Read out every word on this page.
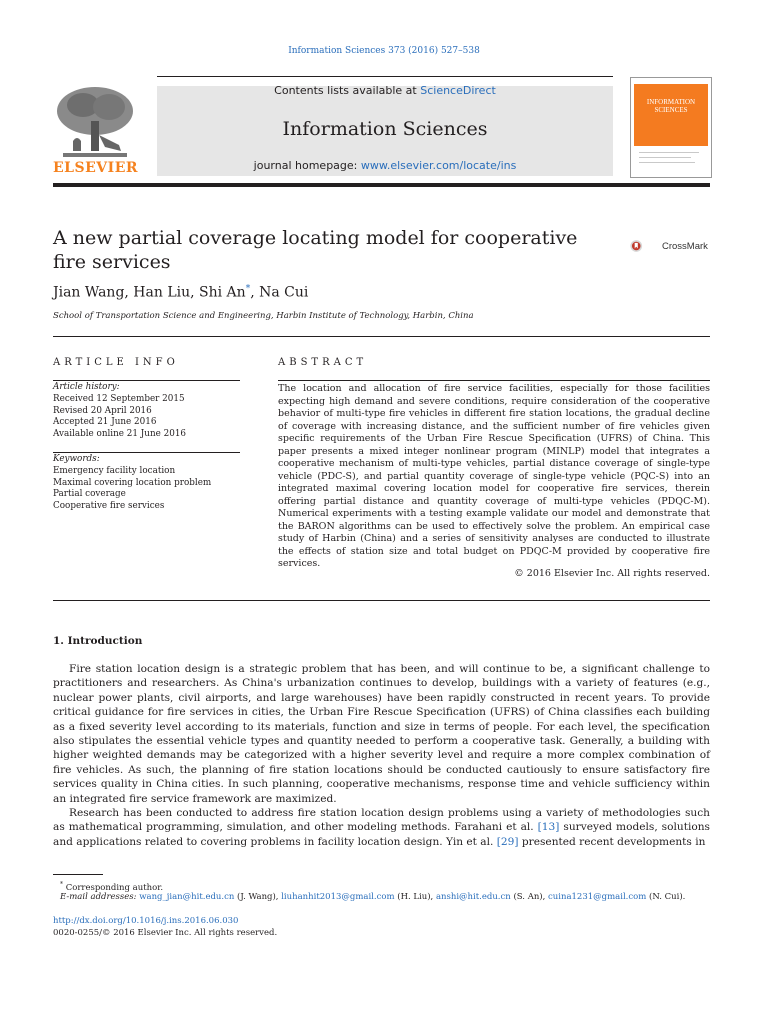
Information Sciences 373 (2016) 527–538
ELSEVIER
Contents lists available at ScienceDirect
Information Sciences
journal homepage: www.elsevier.com/locate/ins
INFORMATION SCIENCES
A new partial coverage locating model for cooperative fire services
CrossMark
Jian Wang, Han Liu, Shi An*, Na Cui
School of Transportation Science and Engineering, Harbin Institute of Technology, Harbin, China
ARTICLE INFO	ABSTRACT
Article history:
Received 12 September 2015
Revised 20 April 2016
Accepted 21 June 2016
Available online 21 June 2016
Keywords:
Emergency facility location
Maximal covering location problem
Partial coverage
Cooperative fire services
The location and allocation of fire service facilities, especially for those facilities expecting high demand and severe conditions, require consideration of the cooperative behavior of multi-type fire vehicles in different fire station locations, the gradual decline of coverage with increasing distance, and the sufficient number of fire vehicles given specific requirements of the Urban Fire Rescue Specification (UFRS) of China. This paper presents a mixed integer nonlinear program (MINLP) model that integrates a cooperative mechanism of multi-type vehicles, partial distance coverage of single-type vehicle (PDC-S), and partial quantity coverage of single-type vehicle (PQC-S) into an integrated maximal covering location model for cooperative fire services, therein offering partial distance and quantity coverage of multi-type vehicles (PDQC-M). Numerical experiments with a testing example validate our model and demonstrate that the BARON algorithms can be used to effectively solve the problem. An empirical case study of Harbin (China) and a series of sensitivity analyses are conducted to illustrate the effects of station size and total budget on PDQC-M provided by cooperative fire services.
© 2016 Elsevier Inc. All rights reserved.
1. Introduction

Fire station location design is a strategic problem that has been, and will continue to be, a significant challenge to practitioners and researchers. As China's urbanization continues to develop, buildings with a variety of features (e.g., nuclear power plants, civil airports, and large warehouses) have been rapidly constructed in recent years. To provide critical guidance for fire services in cities, the Urban Fire Rescue Specification (UFRS) of China classifies each building as a fixed severity level according to its materials, function and size in terms of people. For each level, the specification also stipulates the essential vehicle types and quantity needed to perform a cooperative task. Generally, a building with higher weighted demands may be categorized with a higher severity level and require a more complex combination of fire vehicles. As such, the planning of fire station locations should be conducted cautiously to ensure satisfactory fire services quality in China cities. In such planning, cooperative mechanisms, response time and vehicle sufficiency within an integrated fire service framework are maximized.

Research has been conducted to address fire station location design problems using a variety of methodologies such as mathematical programming, simulation, and other modeling methods. Farahani et al. [13] surveyed models, solutions and applications related to covering problems in facility location design. Yin et al. [29] presented recent developments in

* Corresponding author.
E-mail addresses: wang_jian@hit.edu.cn (J. Wang), liuhanhit2013@gmail.com (H. Liu), anshi@hit.edu.cn (S. An), cuina1231@gmail.com (N. Cui).
http://dx.doi.org/10.1016/j.ins.2016.06.030
0020-0255/© 2016 Elsevier Inc. All rights reserved.
